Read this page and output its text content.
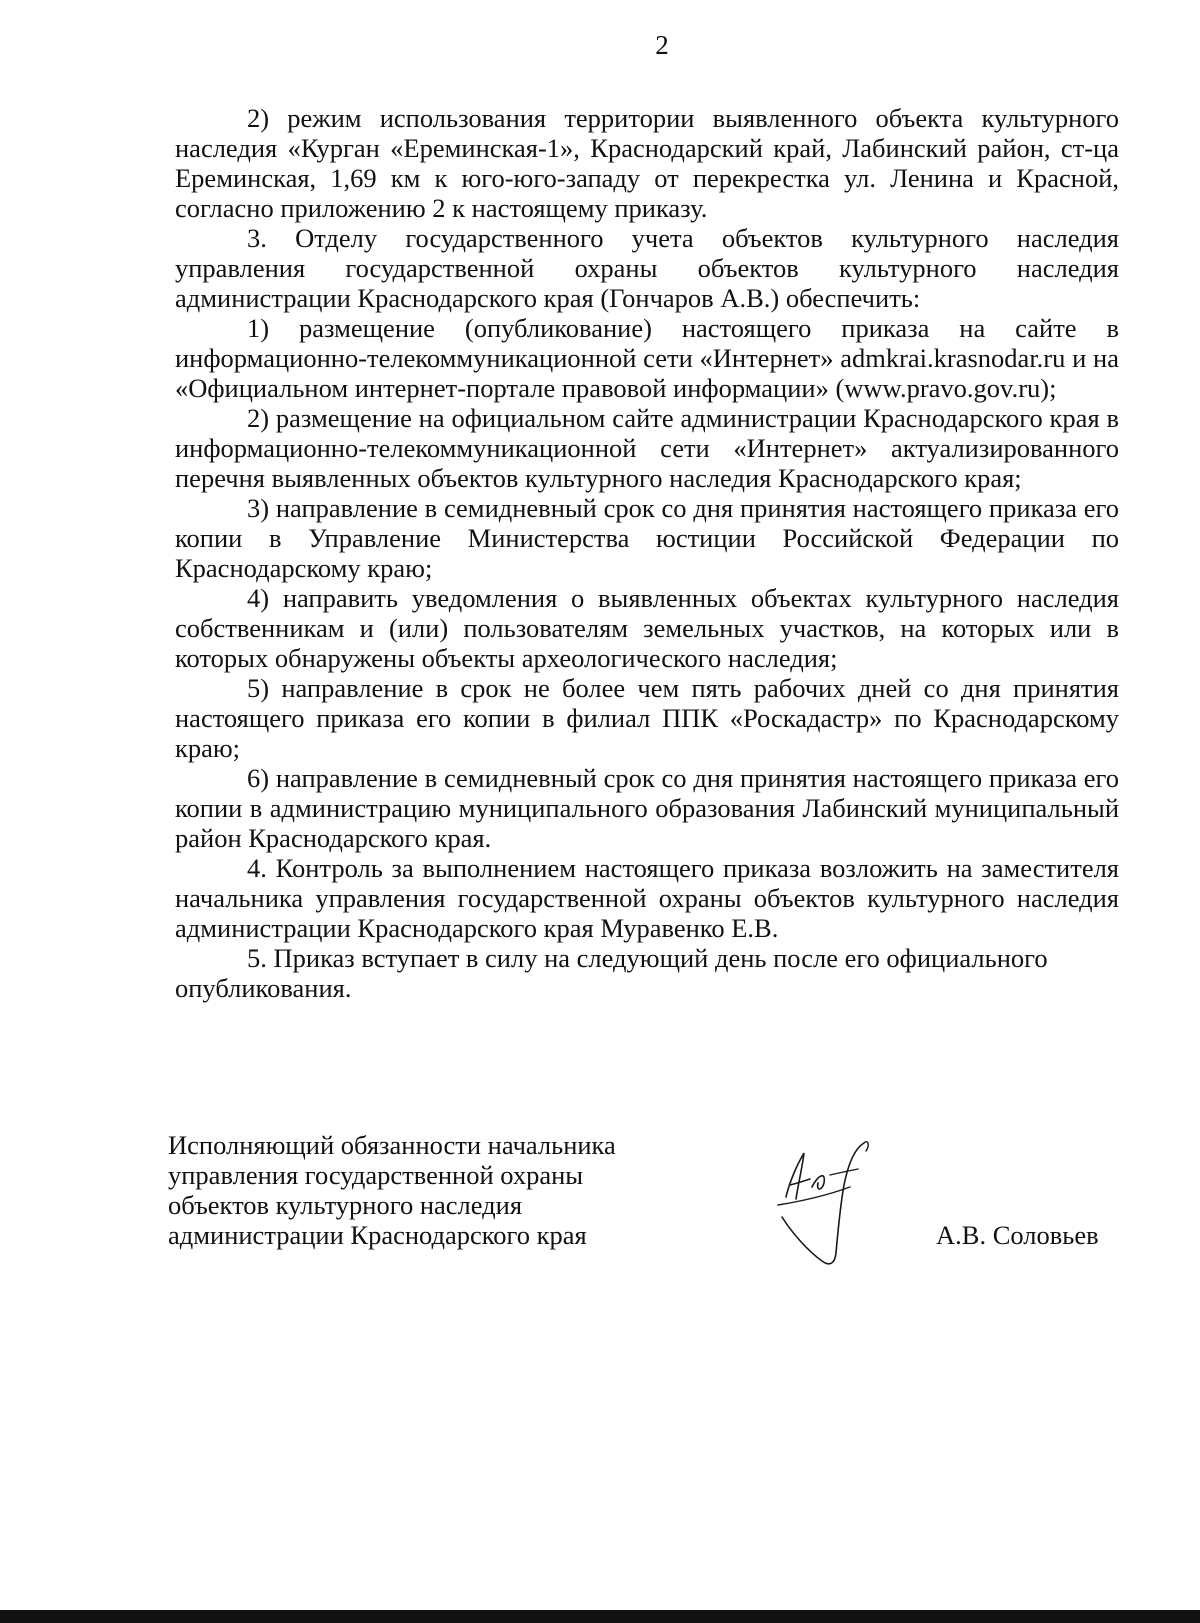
2

2) режим использования территории выявленного объекта культурного наследия «Курган «Ереминская-1», Краснодарский край, Лабинский район, ст-ца Ереминская, 1,69 км к юго-юго-западу от перекрестка ул. Ленина и Красной, согласно приложению 2 к настоящему приказу.

3. Отделу государственного учета объектов культурного наследия управления государственной охраны объектов культурного наследия администрации Краснодарского края (Гончаров А.В.) обеспечить:

1) размещение (опубликование) настоящего приказа на сайте в информационно-телекоммуникационной сети «Интернет» admkrai.krasnodar.ru и на «Официальном интернет-портале правовой информации» (www.pravo.gov.ru);

2) размещение на официальном сайте администрации Краснодарского края в информационно-телекоммуникационной сети «Интернет» актуализированного перечня выявленных объектов культурного наследия Краснодарского края;

3) направление в семидневный срок со дня принятия настоящего приказа его копии в Управление Министерства юстиции Российской Федерации по Краснодарскому краю;

4) направить уведомления о выявленных объектах культурного наследия собственникам и (или) пользователям земельных участков, на которых или в которых обнаружены объекты археологического наследия;

5) направление в срок не более чем пять рабочих дней со дня принятия настоящего приказа его копии в филиал ППК «Роскадастр» по Краснодарскому краю;

6) направление в семидневный срок со дня принятия настоящего приказа его копии в администрацию муниципального образования Лабинский муниципальный район Краснодарского края.

4. Контроль за выполнением настоящего приказа возложить на заместителя начальника управления государственной охраны объектов культурного наследия администрации Краснодарского края Муравенко Е.В.

5. Приказ вступает в силу на следующий день после его официального опубликования.

Исполняющий обязанности начальника
управления государственной охраны
объектов культурного наследия
администрации Краснодарского края	А.В. Соловьев
